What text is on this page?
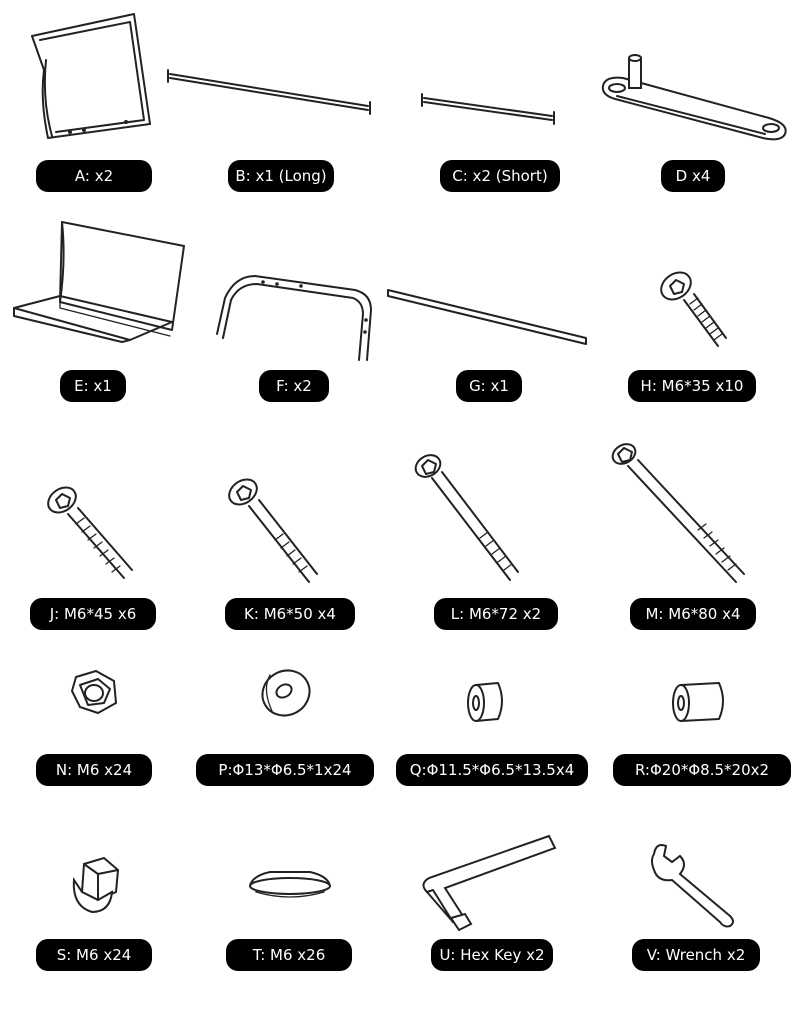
A: x2	B: x1 (Long)	C: x2 (Short)	D x4
E: x1	F: x2	G: x1	H: M6*35 x10
J: M6*45 x6	K: M6*50 x4	L: M6*72 x2	M: M6*80 x4
N: M6 x24	P:Φ13*Φ6.5*1x24	Q:Φ11.5*Φ6.5*13.5x4	R:Φ20*Φ8.5*20x2
S: M6 x24	T: M6 x26	U: Hex Key x2	V: Wrench x2
